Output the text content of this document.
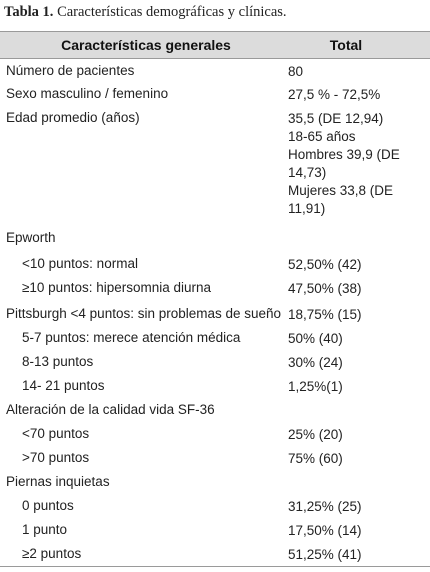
Tabla 1. Características demográficas y clínicas.
Características generales	Total
Número de pacientes	80
Sexo masculino / femenino	27,5 % - 72,5%
Edad promedio (años)	35,5 (DE 12,94)
18-65 años
Hombres 39,9 (DE
14,73)
Mujeres 33,8 (DE
11,91)
Epworth
<10 puntos: normal	52,50% (42)
≥10 puntos: hipersomnia diurna	47,50% (38)
Pittsburgh <4 puntos: sin problemas de sueño 18,75% (15)
5-7 puntos: merece atención médica	50% (40)
8-13 puntos	30% (24)
14- 21 puntos	1,25%(1)
Alteración de la calidad vida SF-36
<70 puntos	25% (20)
>70 puntos	75% (60)
Piernas inquietas
0 puntos	31,25% (25)
1 punto	17,50% (14)
≥2 puntos	51,25% (41)
